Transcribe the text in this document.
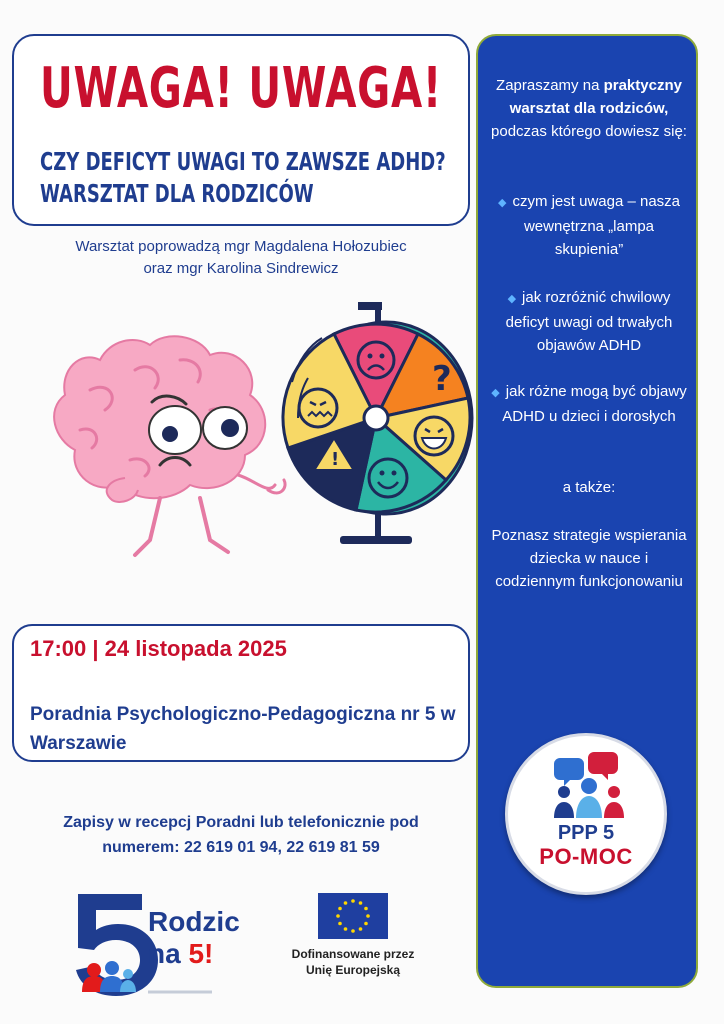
UWAGA! UWAGA!
CZY DEFICYT UWAGI TO ZAWSZE ADHD?
WARSZTAT DLA RODZICÓW
Warsztat poprowadzą mgr Magdalena Hołozubiec
oraz mgr Karolina Sindrewicz
?
!
Zapraszamy na praktyczny warsztat dla rodziców, podczas którego dowiesz się:
◆ czym jest uwaga – nasza wewnętrzna „lampa skupienia”
◆ jak rozróżnić chwilowy deficyt uwagi od trwałych objawów ADHD
◆ jak różne mogą być objawy ADHD u dzieci i dorosłych
a także:
Poznasz strategie wspierania dziecka w nauce i codziennym funkcjonowaniu
PPP 5
PO-MOC
17:00 | 24 listopada 2025
Poradnia Psychologiczno-Pedagogiczna nr 5 w Warszawie
Zapisy w recepcj Poradni lub telefonicznie pod
numerem: 22 619 01 94, 22 619 81 59
Rodzic
na 5!	Dofinansowane przez
Unię Europejską
